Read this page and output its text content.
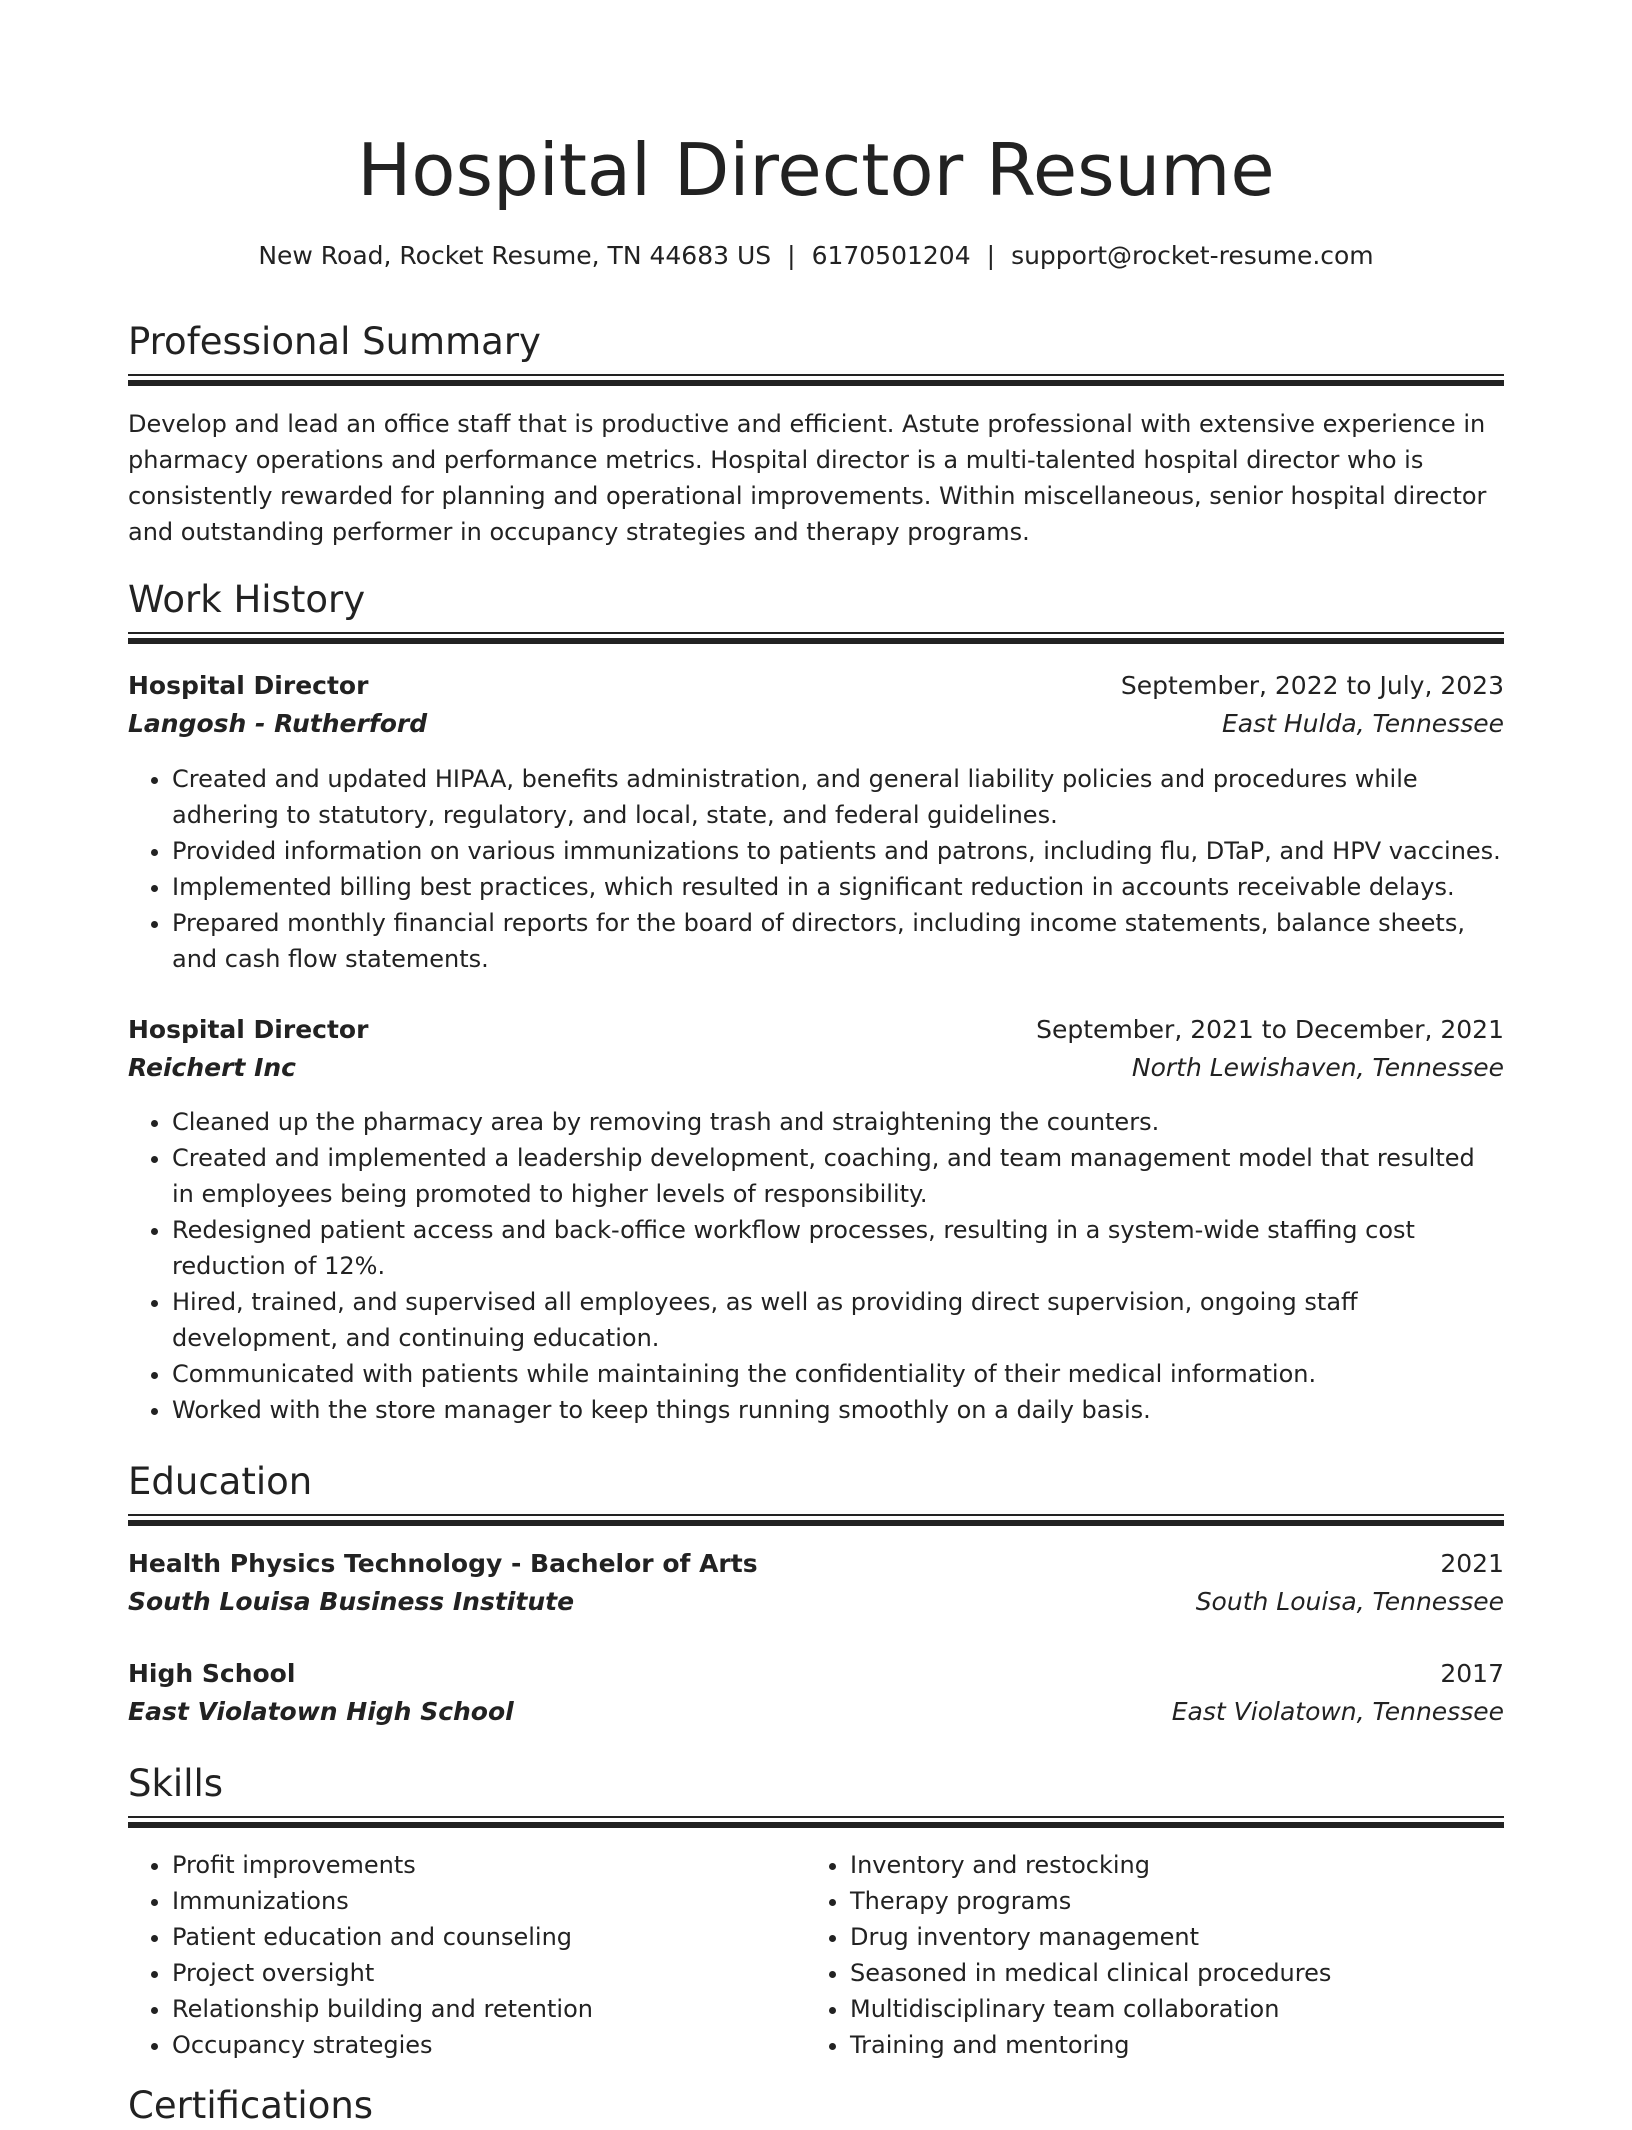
Hospital Director Resume
New Road, Rocket Resume, TN 44683 US | 6170501204 | support@rocket-resume.com
Professional Summary
Develop and lead an office staff that is productive and efficient. Astute professional with extensive experience in pharmacy operations and performance metrics. Hospital director is a multi-talented hospital director who is consistently rewarded for planning and operational improvements. Within miscellaneous, senior hospital director and outstanding performer in occupancy strategies and therapy programs.
Work History
Hospital Director	September, 2022 to July, 2023
Langosh - Rutherford	East Hulda, Tennessee
• Created and updated HIPAA, benefits administration, and general liability policies and procedures while adhering to statutory, regulatory, and local, state, and federal guidelines.
• Provided information on various immunizations to patients and patrons, including flu, DTaP, and HPV vaccines.
• Implemented billing best practices, which resulted in a significant reduction in accounts receivable delays.
• Prepared monthly financial reports for the board of directors, including income statements, balance sheets, and cash flow statements.
Hospital Director	September, 2021 to December, 2021
Reichert Inc	North Lewishaven, Tennessee
• Cleaned up the pharmacy area by removing trash and straightening the counters.
• Created and implemented a leadership development, coaching, and team management model that resulted in employees being promoted to higher levels of responsibility.
• Redesigned patient access and back-office workflow processes, resulting in a system-wide staffing cost reduction of 12%.
• Hired, trained, and supervised all employees, as well as providing direct supervision, ongoing staff development, and continuing education.
• Communicated with patients while maintaining the confidentiality of their medical information.
• Worked with the store manager to keep things running smoothly on a daily basis.
Education
Health Physics Technology - Bachelor of Arts	2021
South Louisa Business Institute	South Louisa, Tennessee
High School	2017
East Violatown High School	East Violatown, Tennessee
Skills
• Profit improvements
• Immunizations
• Patient education and counseling
• Project oversight
• Relationship building and retention
• Occupancy strategies
• Inventory and restocking
• Therapy programs
• Drug inventory management
• Seasoned in medical clinical procedures
• Multidisciplinary team collaboration
• Training and mentoring
Certifications
